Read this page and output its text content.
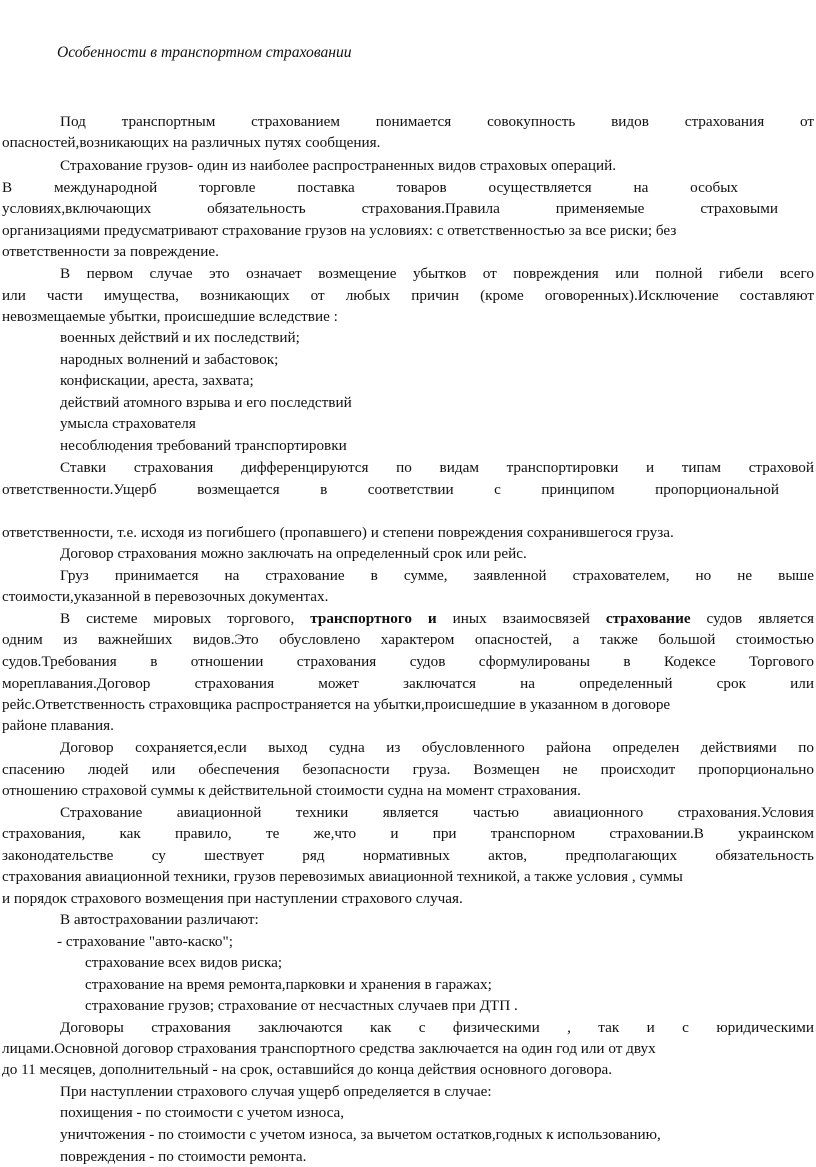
Особенности в транспортном страховании
Под транспортным страхованием понимается совокупность видов страхования от
опасностей,возникающих на различных путях сообщения.
Страхование грузов- один из наиболее распространенных видов страховых операций.
В международной торговле поставка товаров осуществляется на особых
условиях,включающих обязательность страхования.Правила применяемые страховыми
организациями предусматривают страхование грузов на условиях: с ответственностью за все риски; без
ответственности за повреждение.
В первом случае это означает возмещение убытков от повреждения или полной гибели всего
или части имущества, возникающих от любых причин (кроме оговоренных).Исключение составляют
невозмещаемые убытки, происшедшие вследствие :
военных действий и их последствий;
народных волнений и забастовок;
конфискации, ареста, захвата;
действий атомного взрыва и его последствий
умысла страхователя
несоблюдения требований транспортировки
Ставки страхования дифференцируются по видам транспортировки и типам страховой
ответственности.Ущерб возмещается в соответствии с принципом пропорциональной
ответственности, т.е. исходя из погибшего (пропавшего) и степени повреждения сохранившегося груза.
Договор страхования можно заключать на определенный срок или рейс.
Груз принимается на страхование в сумме, заявленной страхователем, но не выше
стоимости,указанной в перевозочных документах.
В системе мировых торгового, транспортного и иных взаимосвязей страхование судов является
одним из важнейших видов.Это обусловлено характером опасностей, а также большой стоимостью
судов.Требования в отношении страхования судов сформулированы в Кодексе Торгового
мореплавания.Договор страхования может заключатся на определенный срок или
рейс.Ответственность страховщика распространяется на убытки,происшедшие в указанном в договоре
районе плавания.
Договор сохраняется,если выход судна из обусловленного района определен действиями по
спасению людей или обеспечения безопасности груза. Возмещен не происходит пропорционально
отношению страховой суммы к действительной стоимости судна на момент страхования.
Страхование авиационной техники является частью авиационного страхования.Условия
страхования, как правило, те же,что и при транспорном страховании.В украинском
законодательстве су шествует ряд нормативных актов, предполагающих обязательность
страхования авиационной техники, грузов перевозимых авиационной техникой, а также условия , суммы
и порядок страхового возмещения при наступлении страхового случая.
В автостраховании различают:
- страхование "авто-каско";
страхование всех видов риска;
страхование на время ремонта,парковки и хранения в гаражах;
страхование грузов; страхование от несчастных случаев при ДТП .
Договоры страхования заключаются как с физическими , так и с юридическими
лицами.Основной договор страхования транспортного средства заключается на один год или от двух
до 11 месяцев, дополнительный - на срок, оставшийся до конца действия основного договора.
При наступлении страхового случая ущерб определяется в случае:
похищения - по стоимости с учетом износа,
уничтожения - по стоимости с учетом износа, за вычетом остатков,годных к использованию,
повреждения - по стоимости ремонта.
